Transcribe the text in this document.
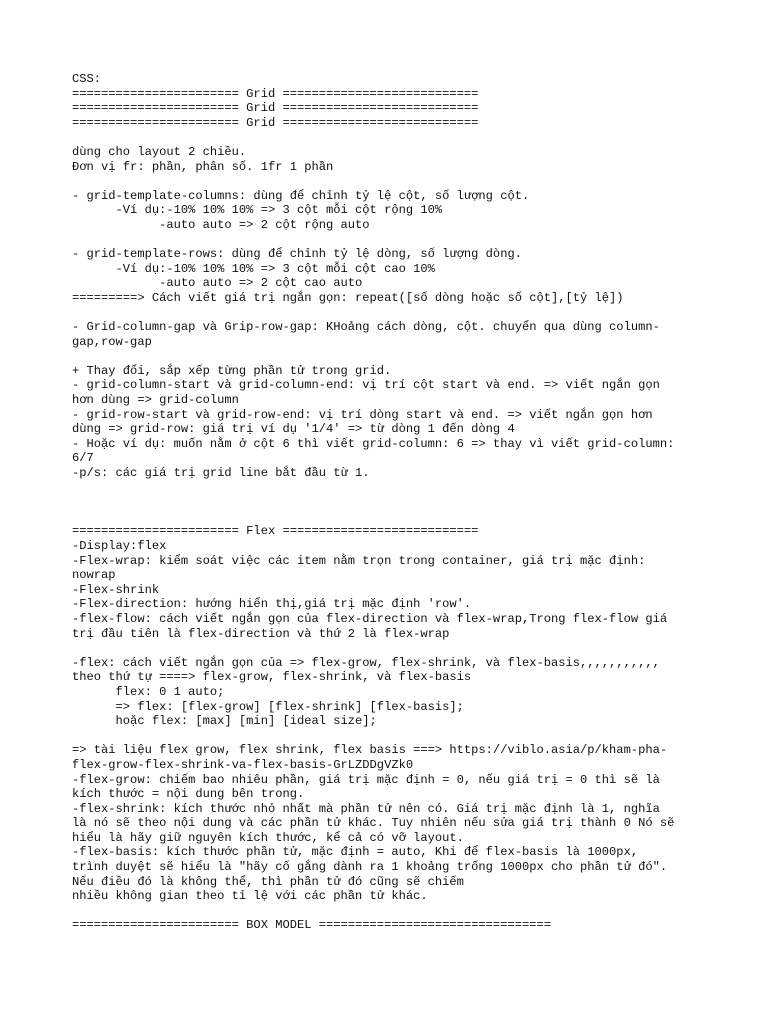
CSS:
======================= Grid ===========================
======================= Grid ===========================
======================= Grid ===========================
dùng cho layout 2 chiều.
Đơn vị fr: phần, phân số. 1fr 1 phần
- grid-template-columns: dùng để chỉnh tỷ lệ cột, số lượng cột.
-Ví dụ:-10% 10% 10% => 3 cột mỗi cột rộng 10%
-auto auto => 2 cột rộng auto
- grid-template-rows: dùng để chỉnh tỷ lệ dòng, số lượng dòng.
-Ví dụ:-10% 10% 10% => 3 cột mỗi cột cao 10%
-auto auto => 2 cột cao auto
=========> Cách viết giá trị ngắn gọn: repeat([số dòng hoặc số cột],[tỷ lệ])
- Grid-column-gap và Grip-row-gap: KHoảng cách dòng, cột. chuyển qua dùng column-
gap,row-gap
+ Thay đổi, sắp xếp từng phần tử trong grid.
- grid-column-start và grid-column-end: vị trí cột start và end. => viết ngắn gọn
hơn dùng => grid-column
- grid-row-start và grid-row-end: vị trí dòng start và end. => viết ngắn gọn hơn
dùng => grid-row: giá trị ví dụ '1/4' => từ dòng 1 đến dòng 4
- Hoặc ví dụ: muốn nằm ở cột 6 thì viết grid-column: 6 => thay vì viết grid-column:
6/7
-p/s: các giá trị grid line bắt đầu từ 1.
======================= Flex ===========================
-Display:flex
-Flex-wrap: kiểm soát việc các item nằm trọn trong container, giá trị mặc định:
nowrap
-Flex-shrink
-Flex-direction: hướng hiển thị,giá trị mặc định 'row'.
-flex-flow: cách viết ngắn gọn của flex-direction và flex-wrap,Trong flex-flow giá
trị đầu tiên là flex-direction và thứ 2 là flex-wrap
-flex: cách viết ngắn gọn của => flex-grow, flex-shrink, và flex-basis,,,,,,,,,,,
theo thứ tự ====> flex-grow, flex-shrink, và flex-basis
flex: 0 1 auto;
=> flex: [flex-grow] [flex-shrink] [flex-basis];
hoặc flex: [max] [min] [ideal size];
=> tài liệu flex grow, flex shrink, flex basis ===> https://viblo.asia/p/kham-pha-
flex-grow-flex-shrink-va-flex-basis-GrLZDDgVZk0
-flex-grow: chiếm bao nhiêu phần, giá trị mặc định = 0, nếu giá trị = 0 thì sẽ là
kích thước = nội dung bên trong.
-flex-shrink: kích thước nhỏ nhất mà phần tử nên có. Giá trị mặc định là 1, nghĩa
là nó sẽ theo nội dung và các phần tử khác. Tuy nhiên nếu sửa giá trị thành 0 Nó sẽ
hiểu là hãy giữ nguyên kích thước, kể cả có vỡ layout.
-flex-basis: kích thước phần tử, mặc định = auto, Khi để flex-basis là 1000px,
trình duyệt sẽ hiểu là "hãy cố gắng dành ra 1 khoảng trống 1000px cho phần tử đó".
Nếu điều đó là không thể, thì phần tử đó cũng sẽ chiếm
nhiều không gian theo tỉ lệ với các phần tử khác.
======================= BOX MODEL ================================
